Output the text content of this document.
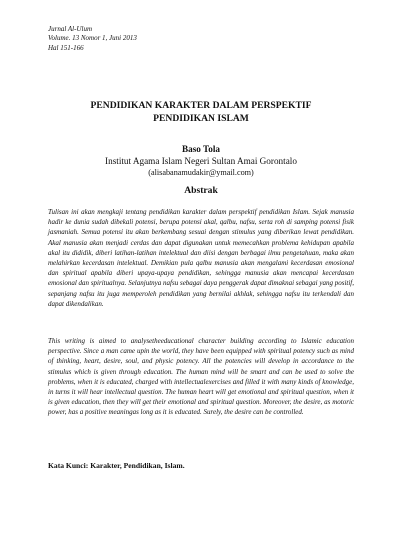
Jurnal Al-Ulum
Volume. 13 Nomor 1, Juni 2013
Hal 151-166
PENDIDIKAN KARAKTER DALAM PERSPEKTIF
PENDIDIKAN ISLAM
Baso Tola
Institut Agama Islam Negeri Sultan Amai Gorontalo
(alisabanamudakir@ymail.com)
Abstrak

Tulisan ini akan mengkaji tentang pendidikan karakter dalam perspektif pendidikan Islam. Sejak manusia hadir ke dunia sudah dibekali potensi, berupa potensi akal, qalbu, nafsu, serta roh di samping potensi fisik jasmaniah. Semua potensi itu akan berkembang sesuai dengan stimulus yang diberikan lewat pendidikan. Akal manusia akan menjadi cerdas dan dapat digunakan untuk memecahkan problema kehidupan apabila akal itu dididik, diberi latihan-latihan intelektual dan diisi dengan berbagai ilmu pengetahuan, maka akan melahirkan kecerdasan intelektual. Demikian pula qalbu manusia akan mengalami kecerdasan emosional dan spiritual apabila diberi upaya-upaya pendidikan, sehingga manusia akan mencapai kecerdasan emosional dan spiritualnya. Selanjutnya nafsu sebagai daya penggerak dapat dimaknai sebagai yang positif, sepanjang nafsu itu juga memperoleh pendidikan yang bernilai akhlak, sehingga nafsu itu terkendali dan dapat dikendalikan.

This writing is aimed to analysetheeducational character building according to Islamic education perspective. Since a man came upin the world, they have been equipped with spiritual potency such as mind of thinking, heart, desire, soul, and physic potency. All the potencies will develop in accordance to the stimulus which is given through education. The human mind will be smart and can be used to solve the problems, when it is educated, charged with intellectualexercises and filled it with many kinds of knowledge, in turns it will hear intellectual question. The human heart will get emotional and spiritual question, when it is given education, then they will get their emotional and spiritual question. Moreover, the desire, as motoric power, has a positive meaningas long as it is educated. Surely, the desire can be controlled.

Kata Kunci: Karakter, Pendidikan, Islam.
